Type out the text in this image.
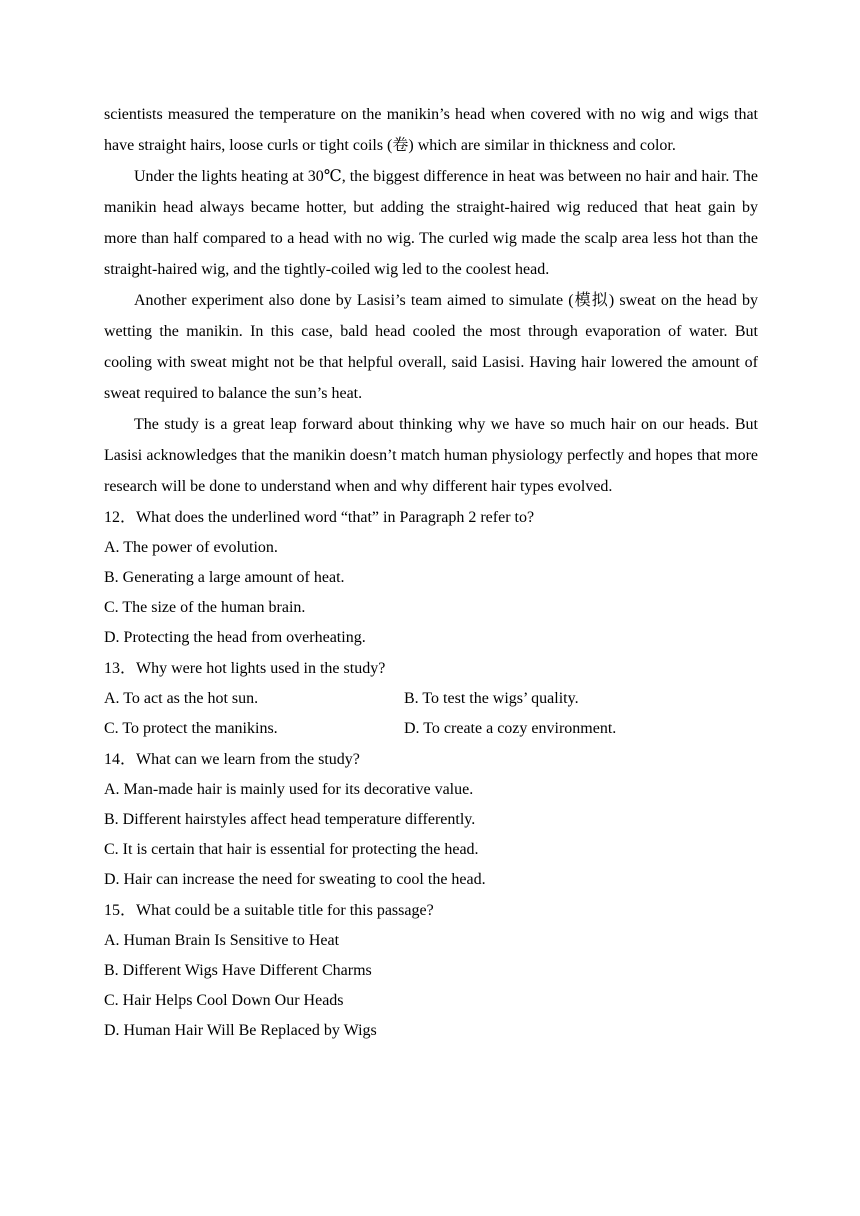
scientists measured the temperature on the manikin’s head when covered with no wig and wigs that have straight hairs, loose curls or tight coils (卷) which are similar in thickness and color.

Under the lights heating at 30℃, the biggest difference in heat was between no hair and hair. The manikin head always became hotter, but adding the straight-haired wig reduced that heat gain by more than half compared to a head with no wig. The curled wig made the scalp area less hot than the straight-haired wig, and the tightly-coiled wig led to the coolest head.

Another experiment also done by Lasisi’s team aimed to simulate (模拟) sweat on the head by wetting the manikin. In this case, bald head cooled the most through evaporation of water. But cooling with sweat might not be that helpful overall, said Lasisi. Having hair lowered the amount of sweat required to balance the sun’s heat.

The study is a great leap forward about thinking why we have so much hair on our heads. But Lasisi acknowledges that the manikin doesn’t match human physiology perfectly and hopes that more research will be done to understand when and why different hair types evolved.

12．What does the underlined word “that” in Paragraph 2 refer to?

A. The power of evolution.

B. Generating a large amount of heat.

C. The size of the human brain.

D. Protecting the head from overheating.

13．Why were hot lights used in the study?

A. To act as the hot sun.	B. To test the wigs’ quality.
C. To protect the manikins.	D. To create a cozy environment.

14．What can we learn from the study?

A. Man-made hair is mainly used for its decorative value.

B. Different hairstyles affect head temperature differently.

C. It is certain that hair is essential for protecting the head.

D. Hair can increase the need for sweating to cool the head.

15．What could be a suitable title for this passage?

A. Human Brain Is Sensitive to Heat

B. Different Wigs Have Different Charms

C. Hair Helps Cool Down Our Heads

D. Human Hair Will Be Replaced by Wigs
